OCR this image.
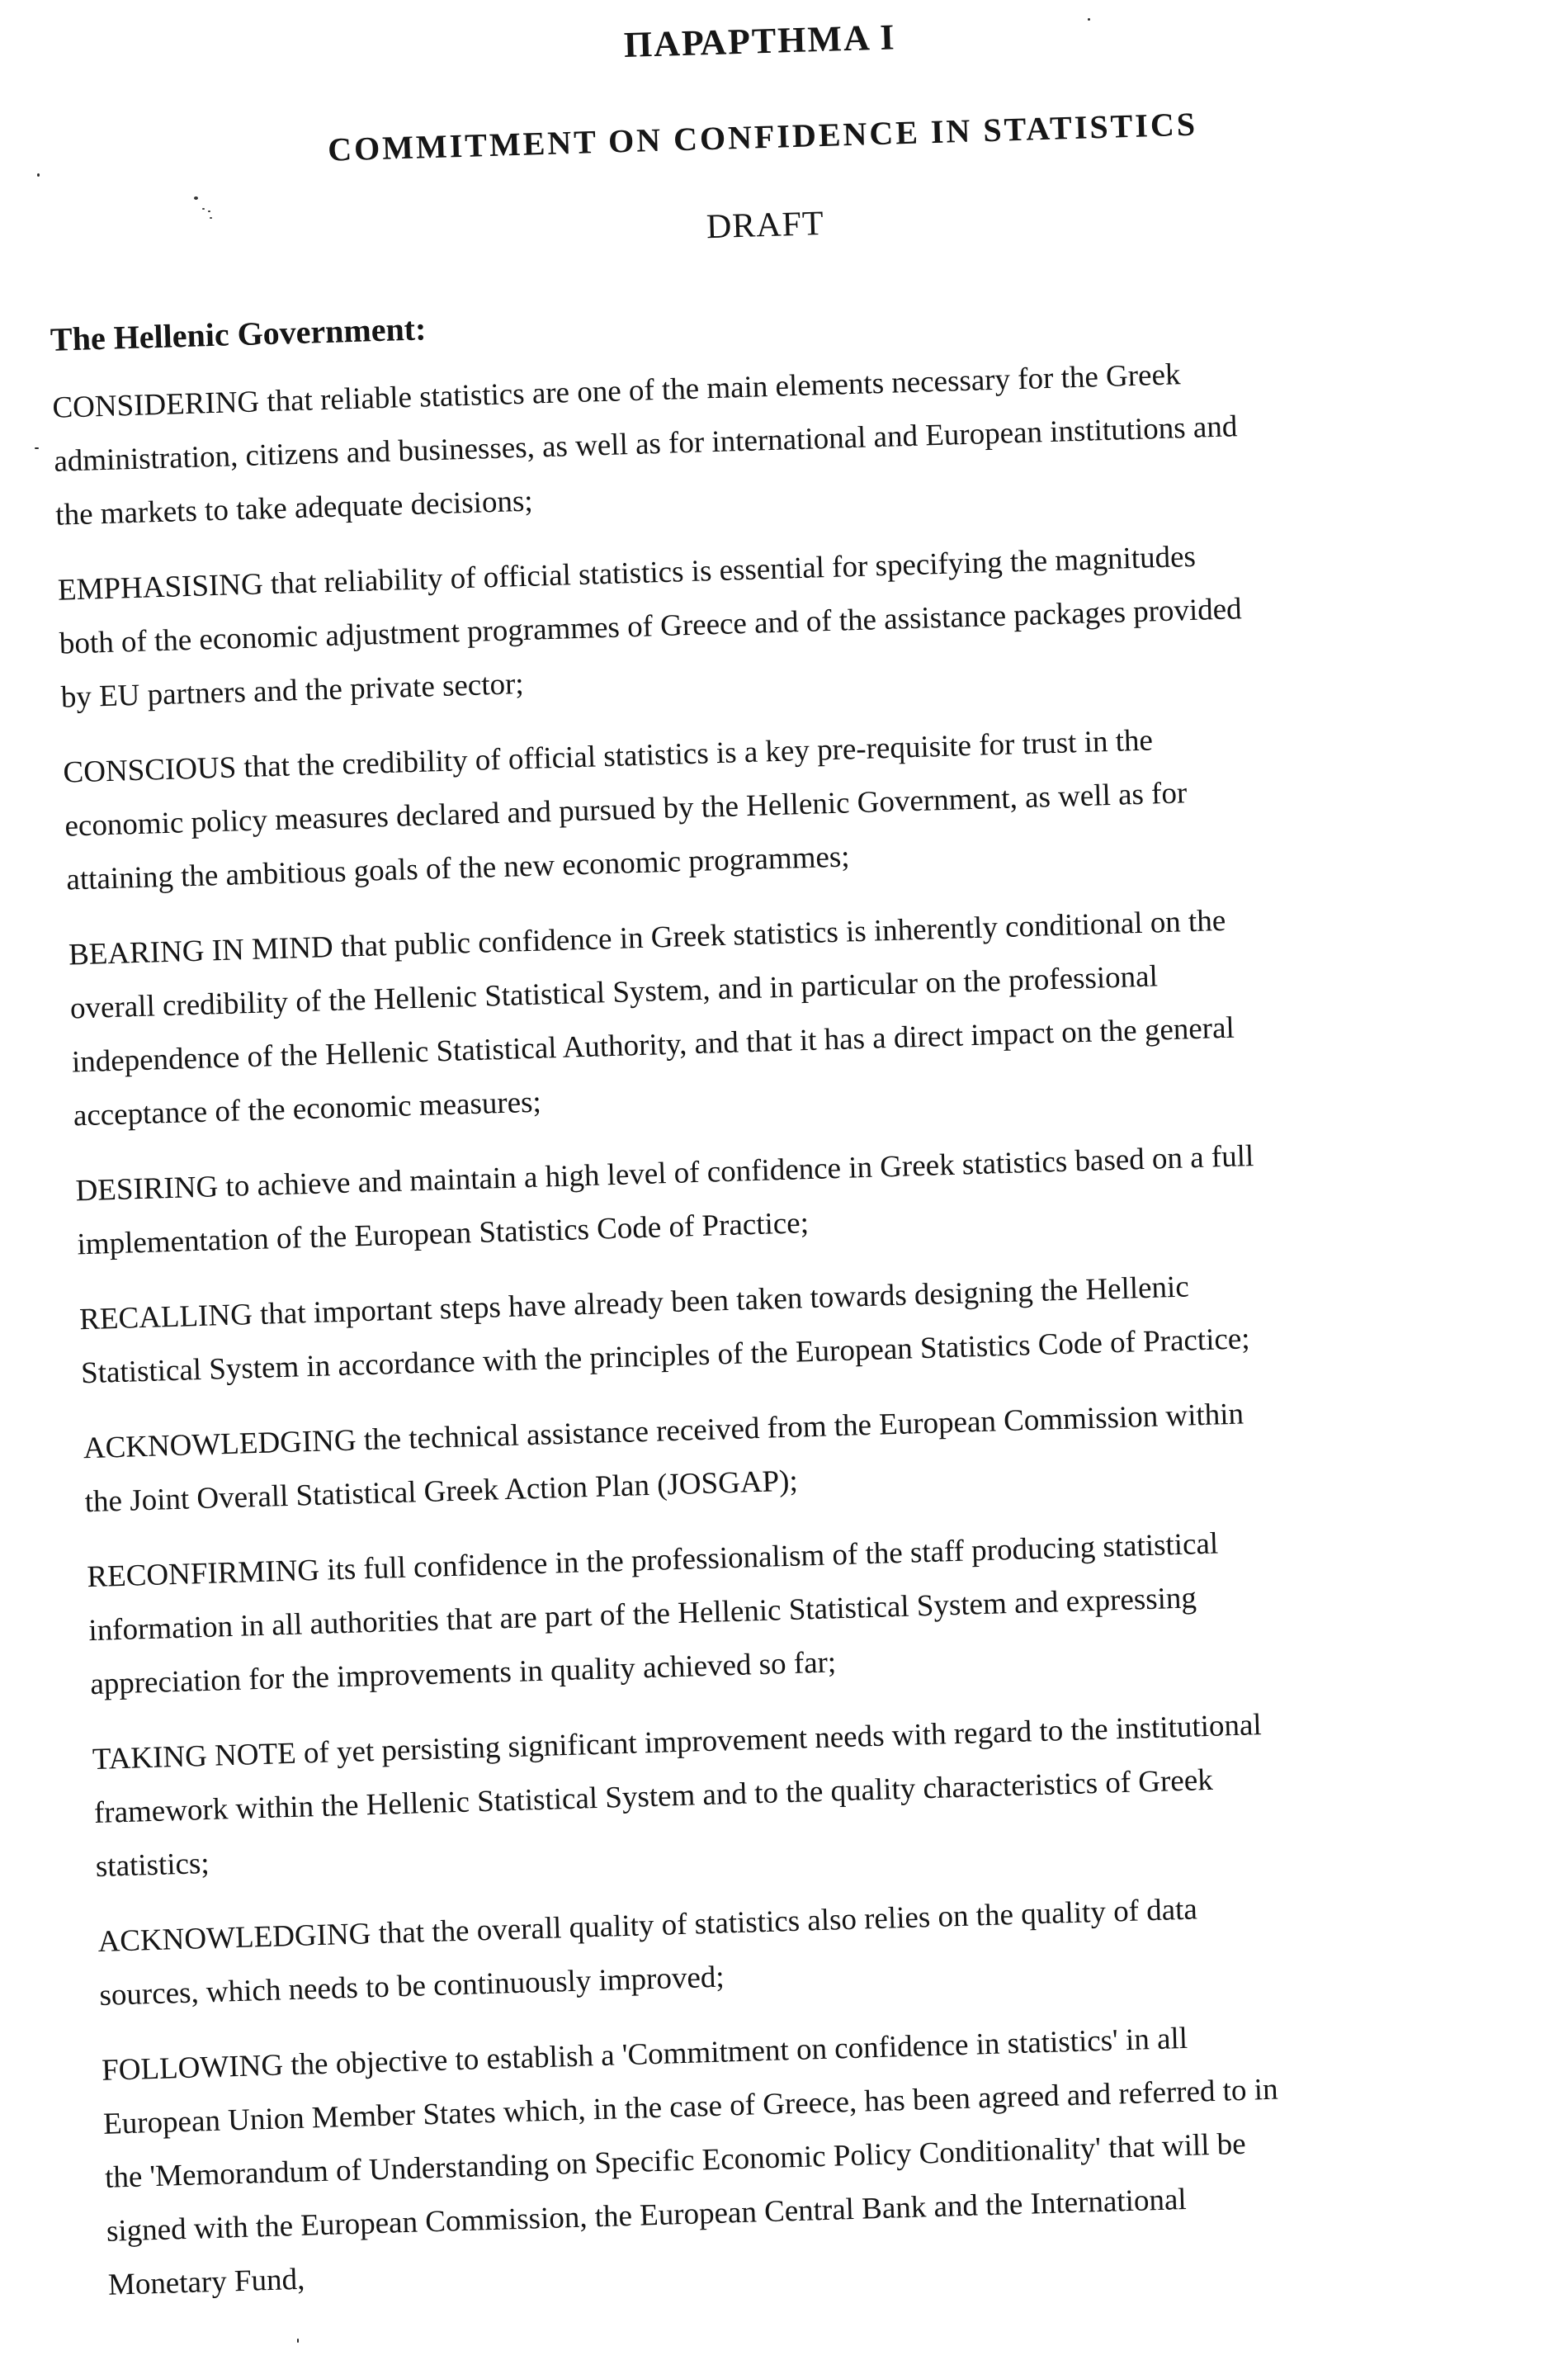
ΠΑΡΑΡΤΗΜΑ I
COMMITMENT ON CONFIDENCE IN STATISTICS
DRAFT
The Hellenic Government:
CONSIDERING that reliable statistics are one of the main elements necessary for the Greek
administration, citizens and businesses, as well as for international and European institutions and
the markets to take adequate decisions;
EMPHASISING that reliability of official statistics is essential for specifying the magnitudes
both of the economic adjustment programmes of Greece and of the assistance packages provided
by EU partners and the private sector;
CONSCIOUS that the credibility of official statistics is a key pre-requisite for trust in the
economic policy measures declared and pursued by the Hellenic Government, as well as for
attaining the ambitious goals of the new economic programmes;
BEARING IN MIND that public confidence in Greek statistics is inherently conditional on the
overall credibility of the Hellenic Statistical System, and in particular on the professional
independence of the Hellenic Statistical Authority, and that it has a direct impact on the general
acceptance of the economic measures;
DESIRING to achieve and maintain a high level of confidence in Greek statistics based on a full
implementation of the European Statistics Code of Practice;
RECALLING that important steps have already been taken towards designing the Hellenic
Statistical System in accordance with the principles of the European Statistics Code of Practice;
ACKNOWLEDGING the technical assistance received from the European Commission within
the Joint Overall Statistical Greek Action Plan (JOSGAP);
RECONFIRMING its full confidence in the professionalism of the staff producing statistical
information in all authorities that are part of the Hellenic Statistical System and expressing
appreciation for the improvements in quality achieved so far;
TAKING NOTE of yet persisting significant improvement needs with regard to the institutional
framework within the Hellenic Statistical System and to the quality characteristics of Greek
statistics;
ACKNOWLEDGING that the overall quality of statistics also relies on the quality of data
sources, which needs to be continuously improved;
FOLLOWING the objective to establish a 'Commitment on confidence in statistics' in all
European Union Member States which, in the case of Greece, has been agreed and referred to in
the 'Memorandum of Understanding on Specific Economic Policy Conditionality' that will be
signed with the European Commission, the European Central Bank and the International
Monetary Fund,
